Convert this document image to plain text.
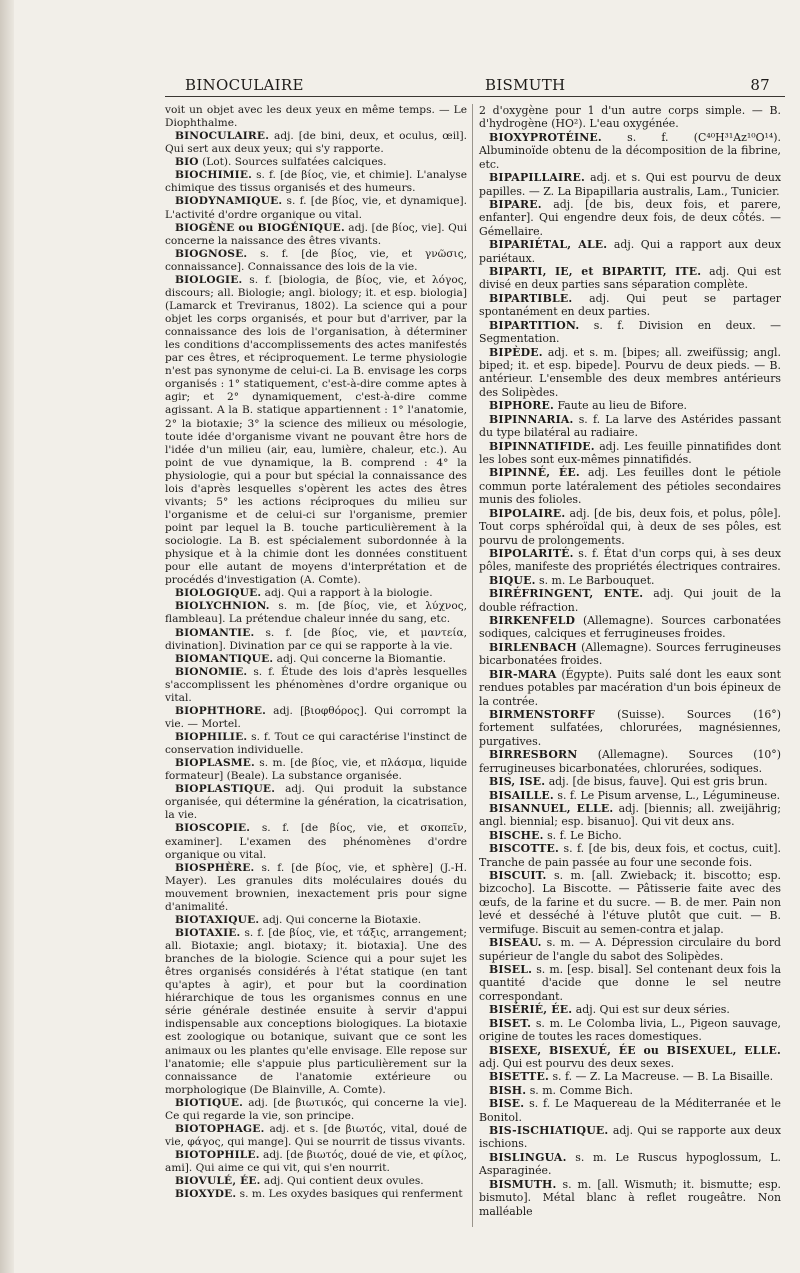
BINOCULAIRE	BISMUTH	87

voit un objet avec les deux yeux en même temps. — Le Diophthalme.

BINOCULAIRE. adj. [de bini, deux, et oculus, œil]. Qui sert aux deux yeux; qui s'y rapporte.

BIO (Lot). Sources sulfatées calciques.

BIOCHIMIE. s. f. [de βίος, vie, et chimie]. L'analyse chimique des tissus organisés et des humeurs.

BIODYNAMIQUE. s. f. [de βίος, vie, et dynamique]. L'activité d'ordre organique ou vital.

BIOGÈNE ou BIOGÉNIQUE. adj. [de βίος, vie]. Qui concerne la naissance des êtres vivants.

BIOGNOSE. s. f. [de βίος, vie, et γνῶσις, connaissance]. Connaissance des lois de la vie.

BIOLOGIE. s. f. [biologia, de βίος, vie, et λόγος, discours; all. Biologie; angl. biology; it. et esp. biologia] (Lamarck et Treviranus, 1802). La science qui a pour objet les corps organisés, et pour but d'arriver, par la connaissance des lois de l'organisation, à déterminer les conditions d'accomplissements des actes manifestés par ces êtres, et réciproquement. Le terme physiologie n'est pas synonyme de celui-ci. La B. envisage les corps organisés : 1° statiquement, c'est-à-dire comme aptes à agir; et 2° dynamiquement, c'est-à-dire comme agissant. A la B. statique appartiennent : 1° l'anatomie, 2° la biotaxie; 3° la science des milieux ou mésologie, toute idée d'organisme vivant ne pouvant être hors de l'idée d'un milieu (air, eau, lumière, chaleur, etc.). Au point de vue dynamique, la B. comprend : 4° la physiologie, qui a pour but spécial la connaissance des lois d'après lesquelles s'opèrent les actes des êtres vivants; 5° les actions réciproques du milieu sur l'organisme et de celui-ci sur l'organisme, premier point par lequel la B. touche particulièrement à la sociologie. La B. est spécialement subordonnée à la physique et à la chimie dont les données constituent pour elle autant de moyens d'interprétation et de procédés d'investigation (A. Comte).

BIOLOGIQUE. adj. Qui a rapport à la biologie.

BIOLYCHNION. s. m. [de βίος, vie, et λύχνος, flambleau]. La prétendue chaleur innée du sang, etc.

BIOMANTIE. s. f. [de βίος, vie, et μαντεία, divination]. Divination par ce qui se rapporte à la vie.

BIOMANTIQUE. adj. Qui concerne la Biomantie.

BIONOMIE. s. f. Étude des lois d'après lesquelles s'accomplissent les phénomènes d'ordre organique ou vital.

BIOPHTHORE. adj. [βιοφθόρος]. Qui corrompt la vie. — Mortel.

BIOPHILIE. s. f. Tout ce qui caractérise l'instinct de conservation individuelle.

BIOPLASME. s. m. [de βίος, vie, et πλάσμα, liquide formateur] (Beale). La substance organisée.

BIOPLASTIQUE. adj. Qui produit la substance organisée, qui détermine la génération, la cicatrisation, la vie.

BIOSCOPIE. s. f. [de βίος, vie, et σκοπεῖν, examiner]. L'examen des phénomènes d'ordre organique ou vital.

BIOSPHÈRE. s. f. [de βίος, vie, et sphère] (J.-H. Mayer). Les granules dits moléculaires doués du mouvement brownien, inexactement pris pour signe d'animalité.

BIOTAXIQUE. adj. Qui concerne la Biotaxie.

BIOTAXIE. s. f. [de βίος, vie, et τάξις, arrangement; all. Biotaxie; angl. biotaxy; it. biotaxia]. Une des branches de la biologie. Science qui a pour sujet les êtres organisés considérés à l'état statique (en tant qu'aptes à agir), et pour but la coordination hiérarchique de tous les organismes connus en une série générale destinée ensuite à servir d'appui indispensable aux conceptions biologiques. La biotaxie est zoologique ou botanique, suivant que ce sont les animaux ou les plantes qu'elle envisage. Elle repose sur l'anatomie; elle s'appuie plus particulièrement sur la connaissance de l'anatomie extérieure ou morphologique (De Blainville, A. Comte).

BIOTIQUE. adj. [de βιωτικός, qui concerne la vie]. Ce qui regarde la vie, son principe.

BIOTOPHAGE. adj. et s. [de βιωτός, vital, doué de vie, φάγος, qui mange]. Qui se nourrit de tissus vivants.

BIOTOPHILE. adj. [de βιωτός, doué de vie, et φίλος, ami]. Qui aime ce qui vit, qui s'en nourrit.

BIOVULÉ, ÉE. adj. Qui contient deux ovules.

BIOXYDE. s. m. Les oxydes basiques qui renferment

2 d'oxygène pour 1 d'un autre corps simple. — B. d'hydrogène (HO²). L'eau oxygénée.

BIOXYPROTÉINE. s. f. (C⁴⁰H³¹Az¹⁰O¹⁴). Albuminoïde obtenu de la décomposition de la fibrine, etc.

BIPAPILLAIRE. adj. et s. Qui est pourvu de deux papilles. — Z. La Bipapillaria australis, Lam., Tunicier.

BIPARE. adj. [de bis, deux fois, et parere, enfanter]. Qui engendre deux fois, de deux côtés. — Gémellaire.

BIPARIÉTAL, ALE. adj. Qui a rapport aux deux pariétaux.

BIPARTI, IE, et BIPARTIT, ITE. adj. Qui est divisé en deux parties sans séparation complète.

BIPARTIBLE. adj. Qui peut se partager spontanément en deux parties.

BIPARTITION. s. f. Division en deux. — Segmentation.

BIPÈDE. adj. et s. m. [bipes; all. zweifüssig; angl. biped; it. et esp. bipede]. Pourvu de deux pieds. — B. antérieur. L'ensemble des deux membres antérieurs des Solipèdes.

BIPHORE. Faute au lieu de Bifore.

BIPINNARIA. s. f. La larve des Astérides passant du type bilatéral au radiaire.

BIPINNATIFIDE. adj. Les feuille pinnatifides dont les lobes sont eux-mêmes pinnatifidés.

BIPINNÉ, ÉE. adj. Les feuilles dont le pétiole commun porte latéralement des pétioles secondaires munis des folioles.

BIPOLAIRE. adj. [de bis, deux fois, et polus, pôle]. Tout corps sphéroïdal qui, à deux de ses pôles, est pourvu de prolongements.

BIPOLARITÉ. s. f. État d'un corps qui, à ses deux pôles, manifeste des propriétés électriques contraires.

BIQUE. s. m. Le Barbouquet.

BIRÉFRINGENT, ENTE. adj. Qui jouit de la double réfraction.

BIRKENFELD (Allemagne). Sources carbonatées sodiques, calciques et ferrugineuses froides.

BIRLENBACH (Allemagne). Sources ferrugineuses bicarbonatées froides.

BIR-MARA (Égypte). Puits salé dont les eaux sont rendues potables par macération d'un bois épineux de la contrée.

BIRMENSTORFF (Suisse). Sources (16°) fortement sulfatées, chlorurées, magnésiennes, purgatives.

BIRRESBORN (Allemagne). Sources (10°) ferrugineuses bicarbonatées, chlorurées, sodiques.

BIS, ISE. adj. [de bisus, fauve]. Qui est gris brun.

BISAILLE. s. f. Le Pisum arvense, L., Légumineuse.

BISANNUEL, ELLE. adj. [biennis; all. zweijährig; angl. biennial; esp. bisanuo]. Qui vit deux ans.

BISCHE. s. f. Le Bicho.

BISCOTTE. s. f. [de bis, deux fois, et coctus, cuit]. Tranche de pain passée au four une seconde fois.

BISCUIT. s. m. [all. Zwieback; it. biscotto; esp. bizcocho]. La Biscotte. — Pâtisserie faite avec des œufs, de la farine et du sucre. — B. de mer. Pain non levé et desséché à l'étuve plutôt que cuit. — B. vermifuge. Biscuit au semen-contra et jalap.

BISEAU. s. m. — A. Dépression circulaire du bord supérieur de l'angle du sabot des Solipèdes.

BISEL. s. m. [esp. bisal]. Sel contenant deux fois la quantité d'acide que donne le sel neutre correspondant.

BISÉRIÉ, ÉE. adj. Qui est sur deux séries.

BISET. s. m. Le Colomba livia, L., Pigeon sauvage, origine de toutes les races domestiques.

BISEXE, BISEXUÉ, ÉE ou BISEXUEL, ELLE. adj. Qui est pourvu des deux sexes.

BISETTE. s. f. — Z. La Macreuse. — B. La Bisaille.

BISH. s. m. Comme Bich.

BISE. s. f. Le Maquereau de la Méditerranée et le Bonitol.

BIS-ISCHIATIQUE. adj. Qui se rapporte aux deux ischions.

BISLINGUA. s. m. Le Ruscus hypoglossum, L. Asparaginée.

BISMUTH. s. m. [all. Wismuth; it. bismutte; esp. bismuto]. Métal blanc à reflet rougeâtre. Non malléable
